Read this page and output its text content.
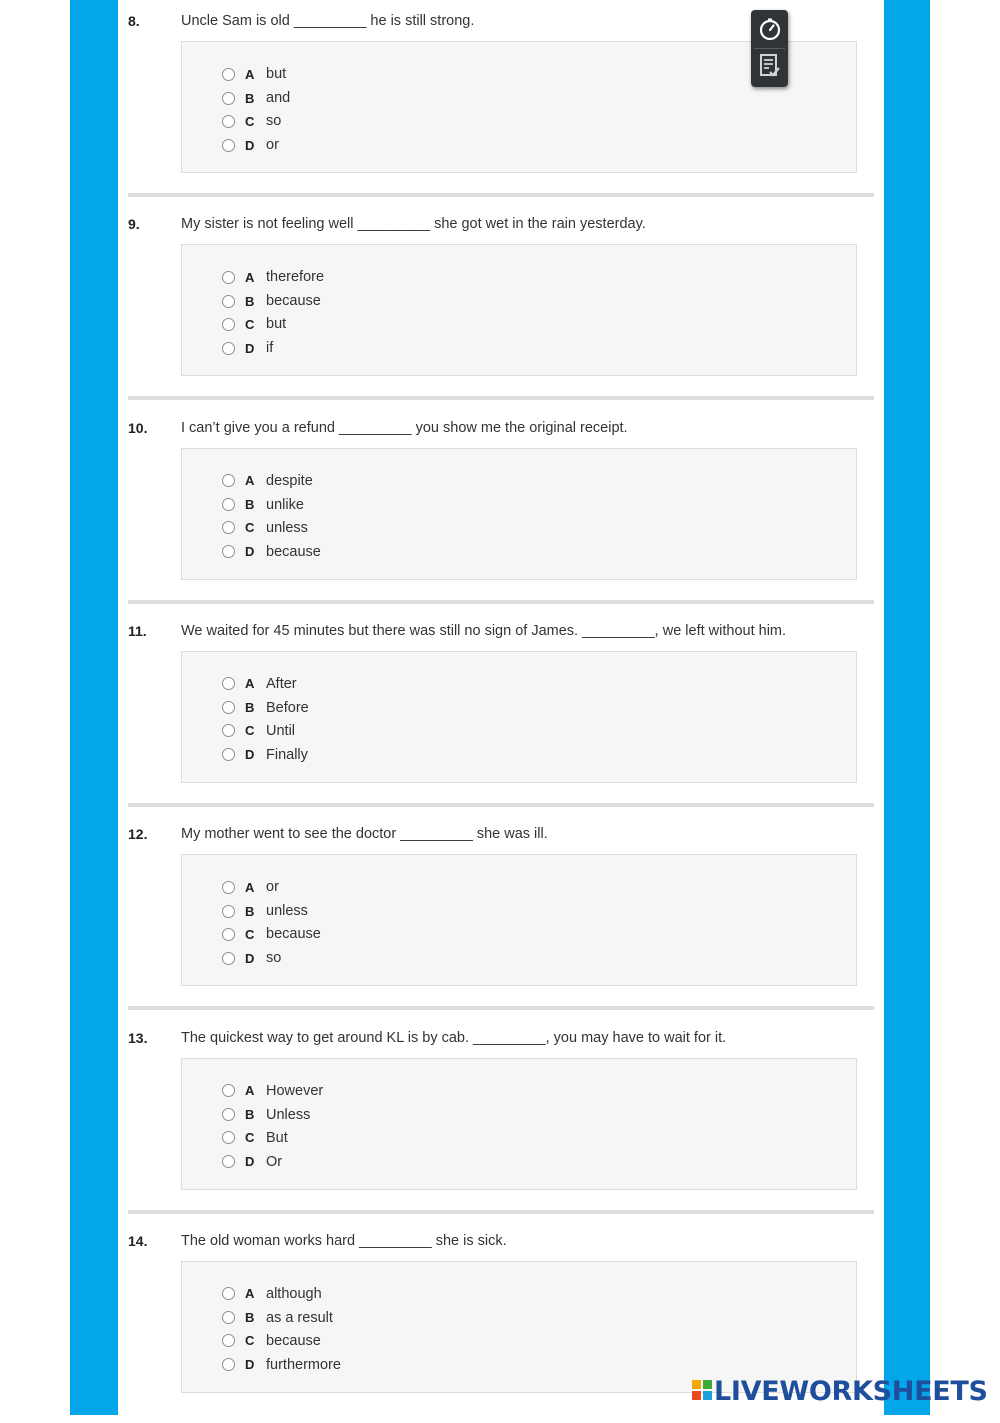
8.	Uncle Sam is old _________ he is still strong.
A but
B and
C so
D or
9.	My sister is not feeling well _________ she got wet in the rain yesterday.
A therefore
B because
C but
D if
10. I can’t give you a refund _________ you show me the original receipt.
A despite
B unlike
C unless
D because
11. We waited for 45 minutes but there was still no sign of James. _________, we left without him.
A After
B Before
C Until
D Finally
12. My mother went to see the doctor _________ she was ill.
A or
B unless
C because
D so
13. The quickest way to get around KL is by cab. _________, you may have to wait for it.
A However
B Unless
C But
D Or
14. The old woman works hard _________ she is sick.
A although
B as a result
C because
D furthermore
LIVEWORKSHEETS
